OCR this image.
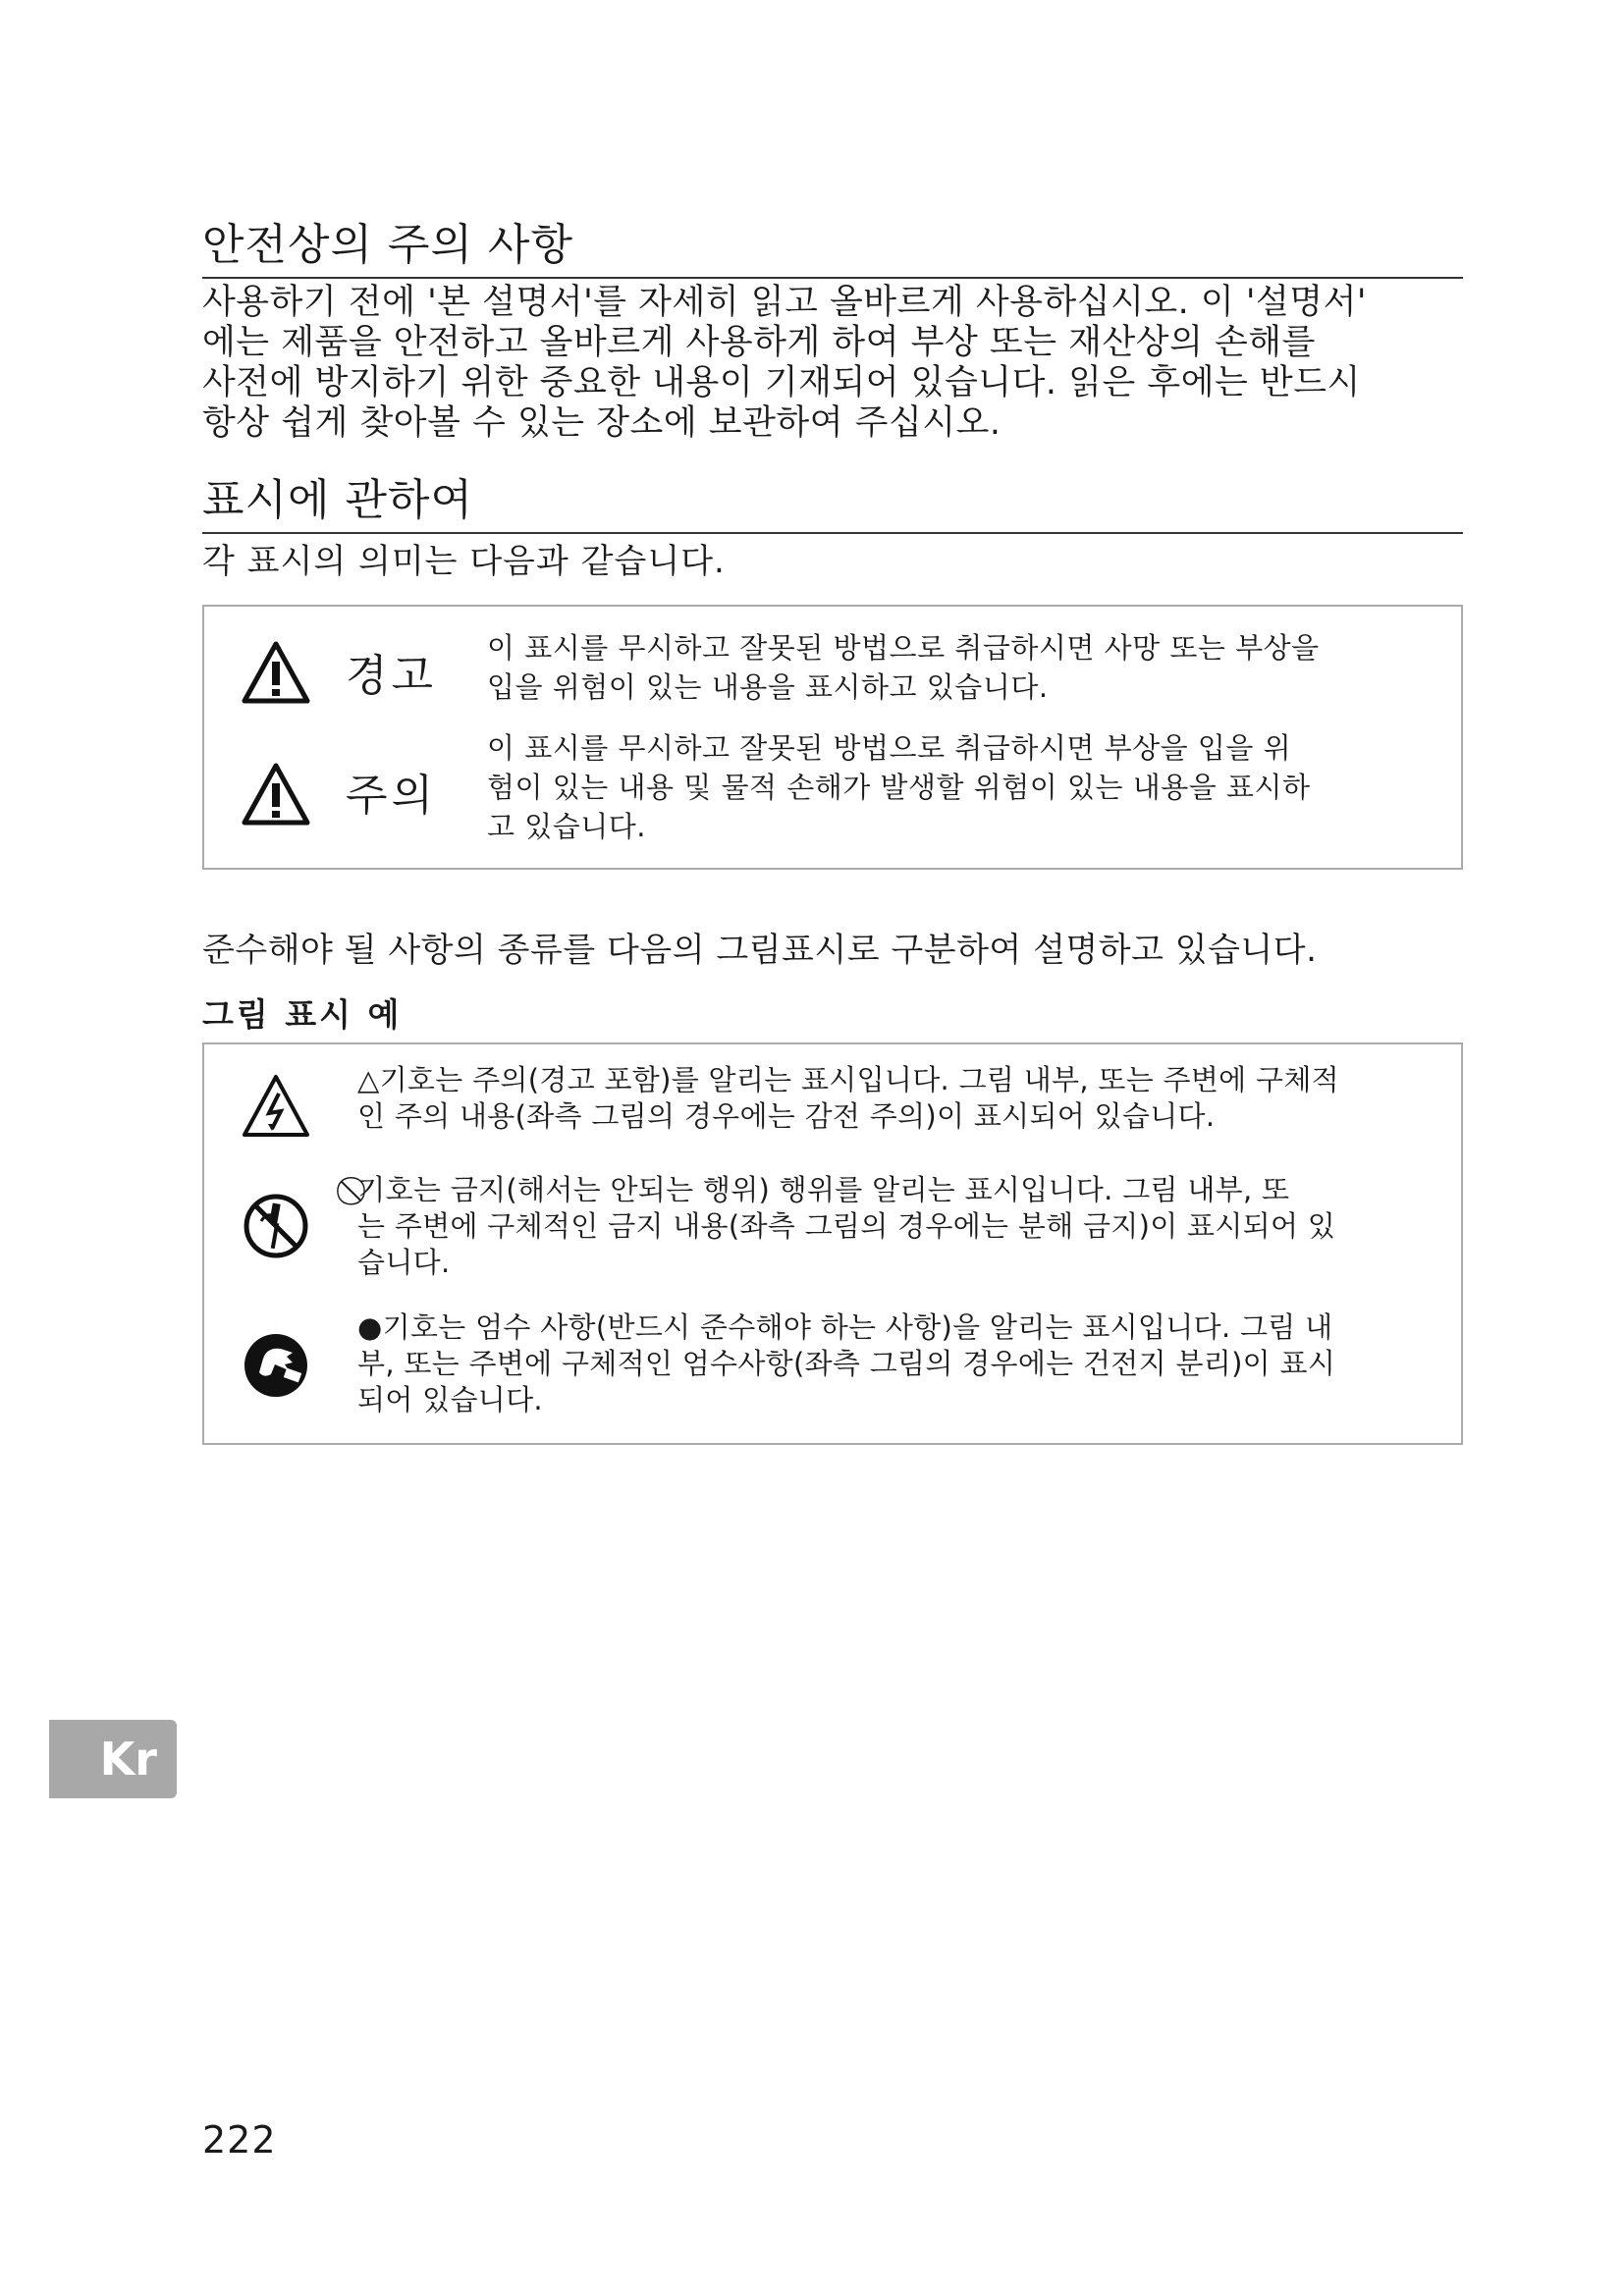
안전상의 주의 사항

사용하기 전에 '본 설명서'를 자세히 읽고 올바르게 사용하십시오. 이 '설명서'

에는 제품을 안전하고 올바르게 사용하게 하여 부상 또는 재산상의 손해를

사전에 방지하기 위한 중요한 내용이 기재되어 있습니다. 읽은 후에는 반드시

항상 쉽게 찾아볼 수 있는 장소에 보관하여 주십시오.

표시에 관하여

각 표시의 의미는 다음과 같습니다.

경고
이 표시를 무시하고 잘못된 방법으로 취급하시면 사망 또는 부상을
입을 위험이 있는 내용을 표시하고 있습니다.
주의
이 표시를 무시하고 잘못된 방법으로 취급하시면 부상을 입을 위
험이 있는 내용 및 물적 손해가 발생할 위험이 있는 내용을 표시하
고 있습니다.

준수해야 될 사항의 종류를 다음의 그림표시로 구분하여 설명하고 있습니다.

그림 표시 예

△기호는 주의(경고 포함)를 알리는 표시입니다. 그림 내부, 또는 주변에 구체적
인 주의 내용(좌측 그림의 경우에는 감전 주의)이 표시되어 있습니다.
⃠기호는 금지(해서는 안되는 행위) 행위를 알리는 표시입니다. 그림 내부, 또
는 주변에 구체적인 금지 내용(좌측 그림의 경우에는 분해 금지)이 표시되어 있
습니다.
●기호는 엄수 사항(반드시 준수해야 하는 사항)을 알리는 표시입니다. 그림 내
부, 또는 주변에 구체적인 엄수사항(좌측 그림의 경우에는 건전지 분리)이 표시
되어 있습니다.
Kr
222
